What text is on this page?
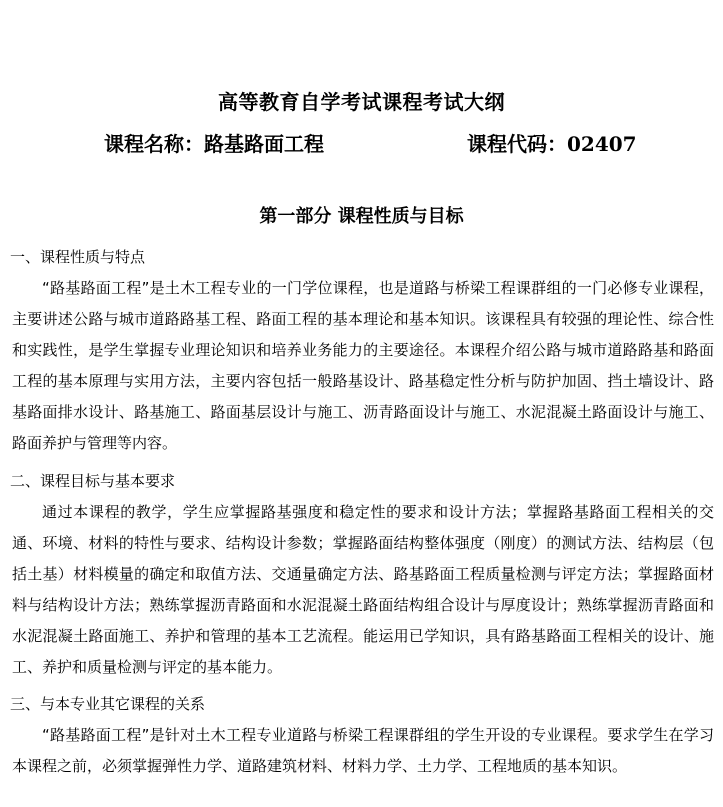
高等教育自学考试课程考试大纲
课程名称：路基路面工程	课程代码：02407
第一部分 课程性质与目标
一、课程性质与特点

“路基路面工程”是土木工程专业的一门学位课程，也是道路与桥梁工程课群组的一门必修专业课程，主要讲述公路与城市道路路基工程、路面工程的基本理论和基本知识。该课程具有较强的理论性、综合性和实践性，是学生掌握专业理论知识和培养业务能力的主要途径。本课程介绍公路与城市道路路基和路面工程的基本原理与实用方法，主要内容包括一般路基设计、路基稳定性分析与防护加固、挡土墙设计、路基路面排水设计、路基施工、路面基层设计与施工、沥青路面设计与施工、水泥混凝土路面设计与施工、路面养护与管理等内容。

二、课程目标与基本要求

通过本课程的教学，学生应掌握路基强度和稳定性的要求和设计方法；掌握路基路面工程相关的交通、环境、材料的特性与要求、结构设计参数；掌握路面结构整体强度（刚度）的测试方法、结构层（包括土基）材料模量的确定和取值方法、交通量确定方法、路基路面工程质量检测与评定方法；掌握路面材料与结构设计方法；熟练掌握沥青路面和水泥混凝土路面结构组合设计与厚度设计；熟练掌握沥青路面和水泥混凝土路面施工、养护和管理的基本工艺流程。能运用已学知识，具有路基路面工程相关的设计、施工、养护和质量检测与评定的基本能力。

三、与本专业其它课程的关系

“路基路面工程”是针对土木工程专业道路与桥梁工程课群组的学生开设的专业课程。要求学生在学习本课程之前，必须掌握弹性力学、道路建筑材料、材料力学、土力学、工程地质的基本知识。
